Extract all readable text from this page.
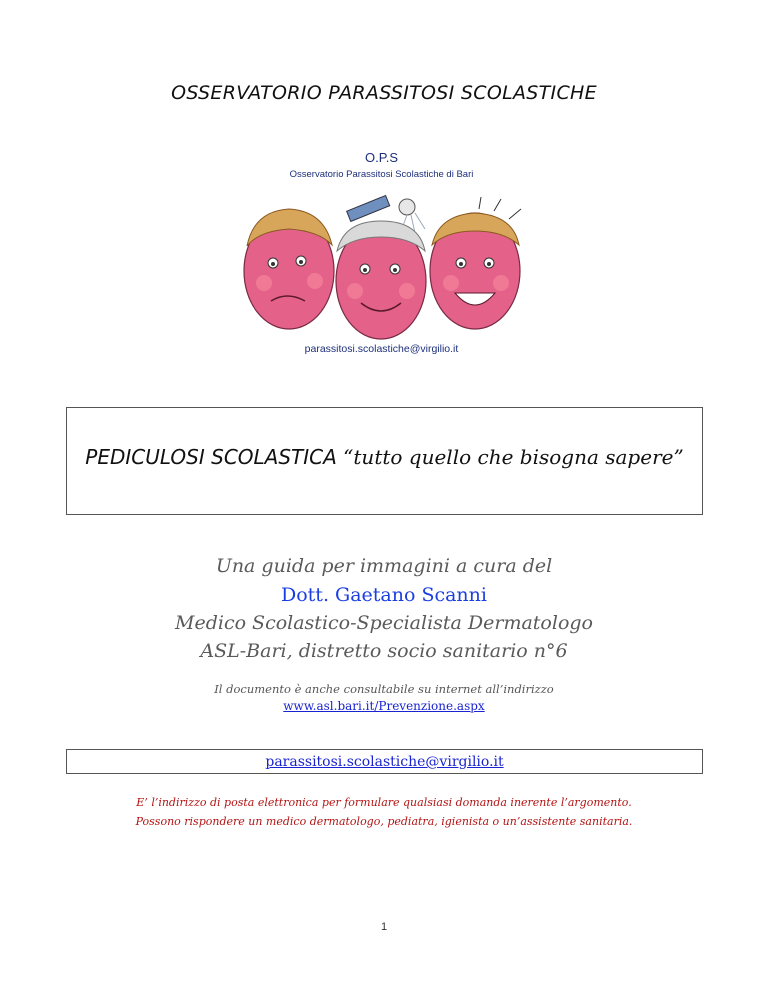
OSSERVATORIO PARASSITOSI SCOLASTICHE
O.P.S
Osservatorio Parassitosi Scolastiche di Bari
parassitosi.scolastiche@virgilio.it
PEDICULOSI SCOLASTICA “tutto quello che bisogna sapere”
Una guida per immagini a cura del
Dott. Gaetano Scanni
Medico Scolastico-Specialista Dermatologo
ASL-Bari, distretto socio sanitario n°6
Il documento è anche consultabile su internet all’indirizzo
www.asl.bari.it/Prevenzione.aspx
parassitosi.scolastiche@virgilio.it
E’ l’indirizzo di posta elettronica per formulare qualsiasi domanda inerente l’argomento.
Possono rispondere un medico dermatologo, pediatra, igienista o un’assistente sanitaria.
1
